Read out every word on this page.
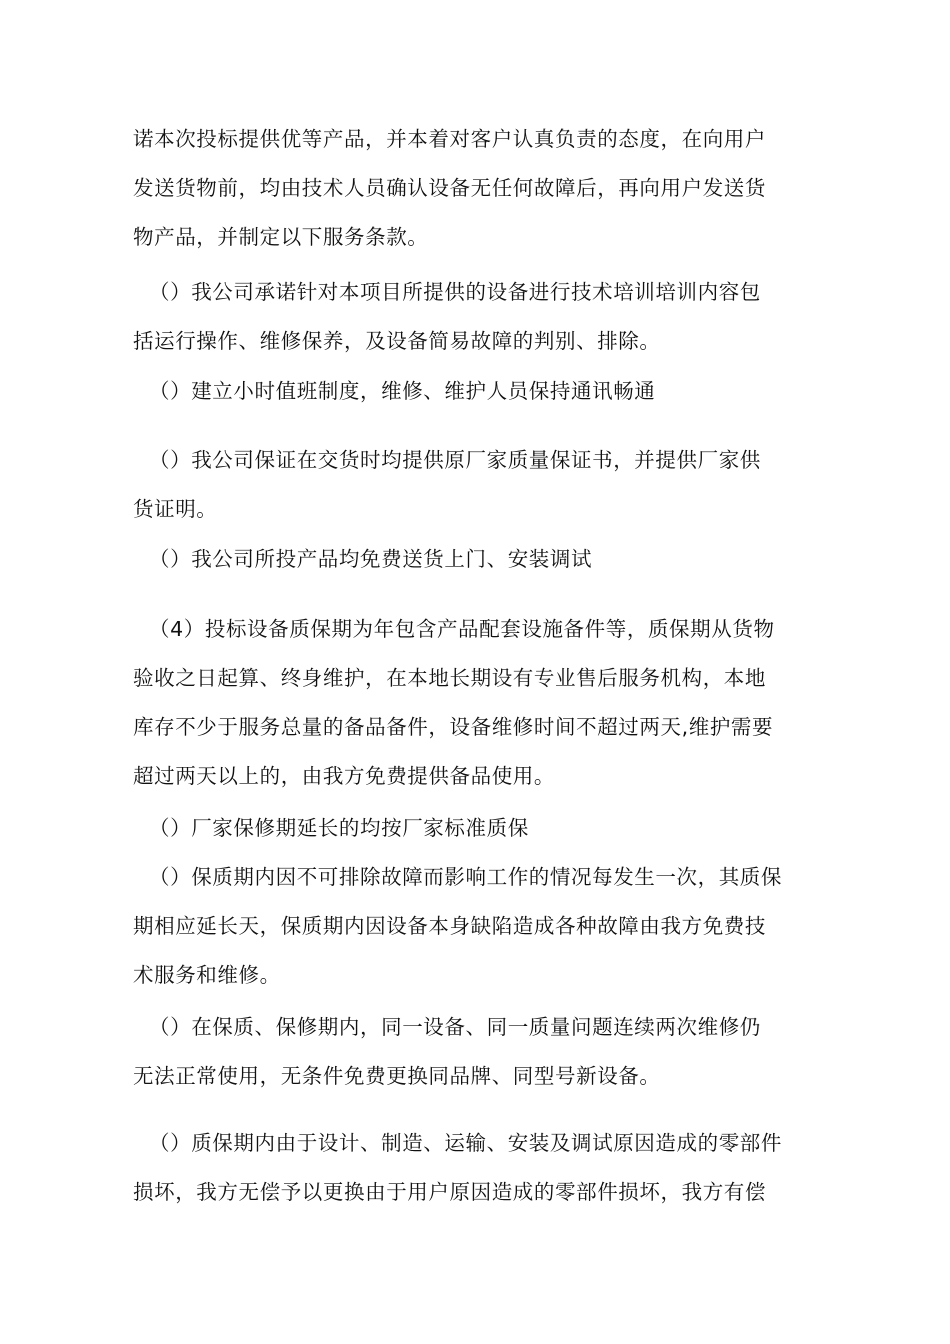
诺本次投标提供优等产品，并本着对客户认真负责的态度，在向用户
发送货物前，均由技术人员确认设备无任何故障后，再向用户发送货
物产品，并制定以下服务条款。

（）我公司承诺针对本项目所提供的设备进行技术培训培训内容包
括运行操作、维修保养，及设备简易故障的判别、排除。

（）建立小时值班制度，维修、维护人员保持通讯畅通

（）我公司保证在交货时均提供原厂家质量保证书，并提供厂家供
货证明。

（）我公司所投产品均免费送货上门、安装调试

（4）投标设备质保期为年包含产品配套设施备件等，质保期从货物
验收之日起算、终身维护，在本地长期设有专业售后服务机构，本地
库存不少于服务总量的备品备件，设备维修时间不超过两天,维护需要
超过两天以上的，由我方免费提供备品使用。

（）厂家保修期延长的均按厂家标准质保

（）保质期内因不可排除故障而影响工作的情况每发生一次，其质保
期相应延长天，保质期内因设备本身缺陷造成各种故障由我方免费技
术服务和维修。

（）在保质、保修期内，同一设备、同一质量问题连续两次维修仍
无法正常使用，无条件免费更换同品牌、同型号新设备。

（）质保期内由于设计、制造、运输、安装及调试原因造成的零部件
损坏，我方无偿予以更换由于用户原因造成的零部件损坏，我方有偿
